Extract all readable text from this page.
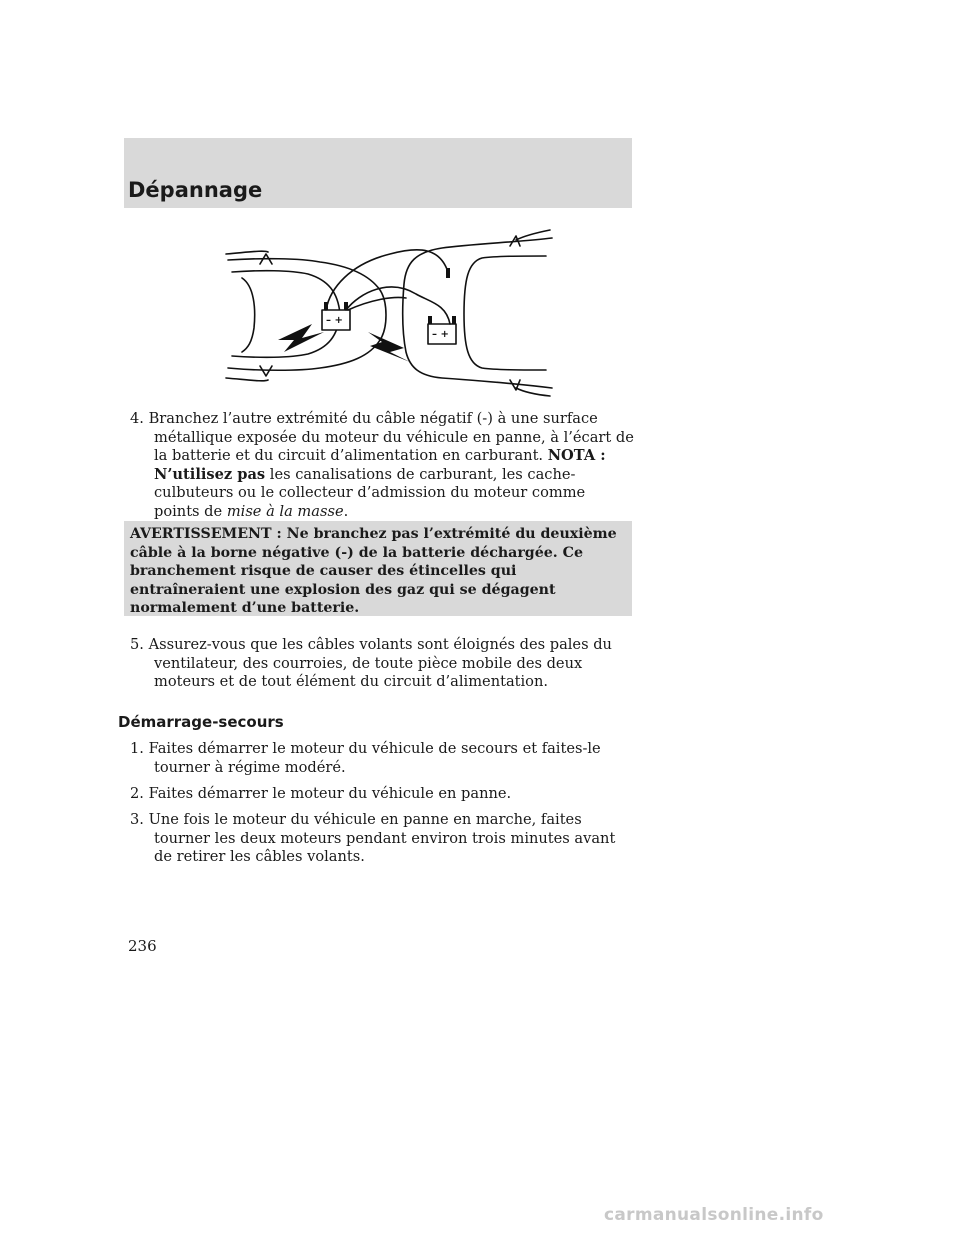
Dépannage
– +
– +
4. Branchez l’autre extrémité du câble négatif (-) à une surface métallique exposée du moteur du véhicule en panne, à l’écart de la batterie et du circuit d’alimentation en carburant. NOTA : N’utilisez pas les canalisations de carburant, les cache-culbuteurs ou le collecteur d’admission du moteur comme points de mise à la masse.
AVERTISSEMENT : Ne branchez pas l’extrémité du deuxième câble à la borne négative (-) de la batterie déchargée. Ce branchement risque de causer des étincelles qui entraîneraient une explosion des gaz qui se dégagent normalement d’une batterie.
5. Assurez-vous que les câbles volants sont éloignés des pales du ventilateur, des courroies, de toute pièce mobile des deux moteurs et de tout élément du circuit d’alimentation.
Démarrage-secours
1. Faites démarrer le moteur du véhicule de secours et faites-le tourner à régime modéré.
2. Faites démarrer le moteur du véhicule en panne.
3. Une fois le moteur du véhicule en panne en marche, faites tourner les deux moteurs pendant environ trois minutes avant de retirer les câbles volants.
236
carmanualsonline.info
